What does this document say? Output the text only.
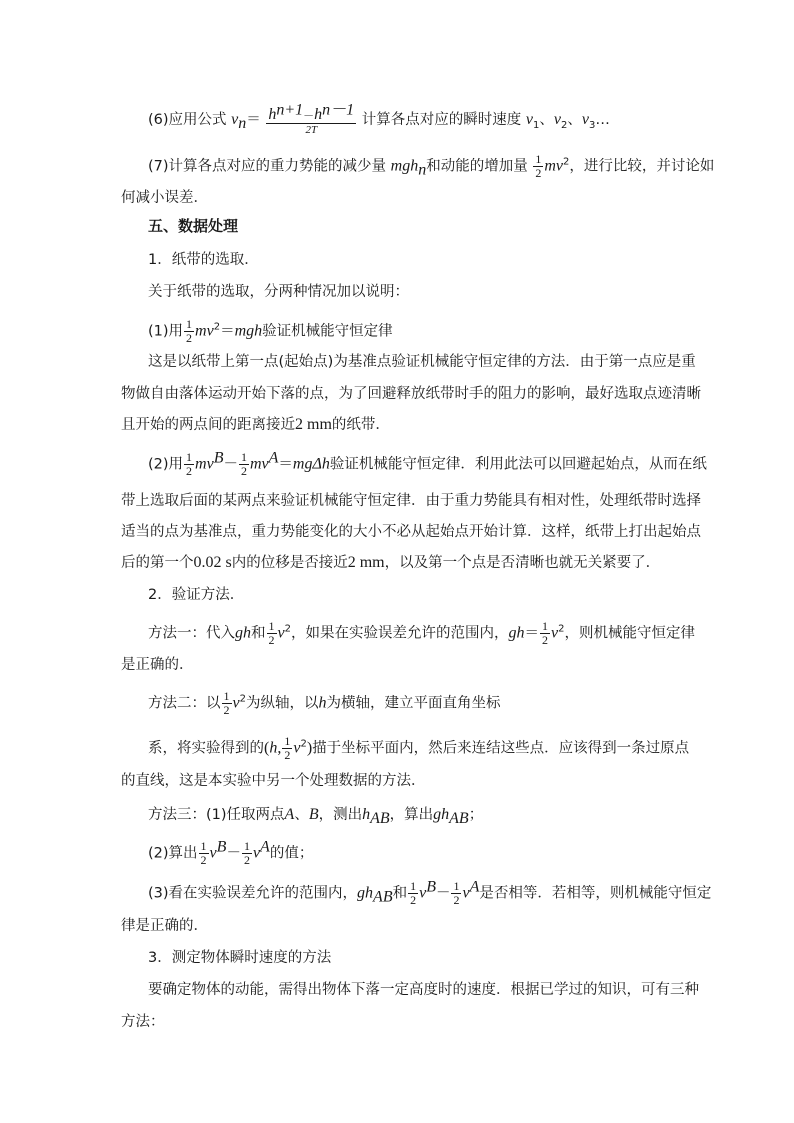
(6)应用公式 $v_n= \frac{h^{n+1}-h^{n-1}}{2T}$ 计算各点对应的瞬时速度 $v_1$、$v_2$、$v_3\dots$
(7)计算各点对应的重力势能的减少量 mgh$_n$和动能的增加量 $\frac{1}{2} mv^2$，进行比较，并讨论如
何减小误差．
五、数据处理
1．纸带的选取．
关于纸带的选取，分两种情况加以说明：
(1)用 $\frac{1}{2} mv^2=mgh$验证机械能守恒定律
这是以纸带上第一点(起始点)为基准点验证机械能守恒定律的方法．由于第一点应是重
物做自由落体运动开始下落的点，为了回避释放纸带时手的阻力的影响，最好选取点迹清晰
且开始的两点间的距离接近2 mm的纸带．
(2)用 $\frac{1}{2} mv^B- \frac{1}{2} mv^A=mg\Delta h$验证机械能守恒定律．利用此法可以回避起始点，从而在纸
带上选取后面的某两点来验证机械能守恒定律．由于重力势能具有相对性，处理纸带时选择
适当的点为基准点，重力势能变化的大小不必从起始点开始计算．这样，纸带上打出起始点
后的第一个0.02 s内的位移是否接近2 mm，以及第一个点是否清晰也就无关紧要了．
2．验证方法．
方法一：代入gh和 $\frac{1}{2} v^2$，如果在实验误差允许的范围内，$gh= \frac{1}{2} v^2$，则机械能守恒定律
是正确的．
方法二：以 $\frac{1}{2} v^2$为纵轴，以h为横轴，建立平面直角坐标
系，将实验得到的(h, $\frac{1}{2} v^2$)描于坐标平面内，然后来连结这些点．应该得到一条过原点
的直线，这是本实验中另一个处理数据的方法．
方法三：(1)任取两点A、B，测出$h_{AB}$，算出$gh_{AB}$；
(2)算出 $\frac{1}{2} v^B- \frac{1}{2} v^A$的值；
(3)看在实验误差允许的范围内，$gh_{AB}$和 $\frac{1}{2} v^B- \frac{1}{2} v^A$是否相等．若相等，则机械能守恒定
律是正确的．
3．测定物体瞬时速度的方法
要确定物体的动能，需得出物体下落一定高度时的速度．根据已学过的知识，可有三种
方法：
